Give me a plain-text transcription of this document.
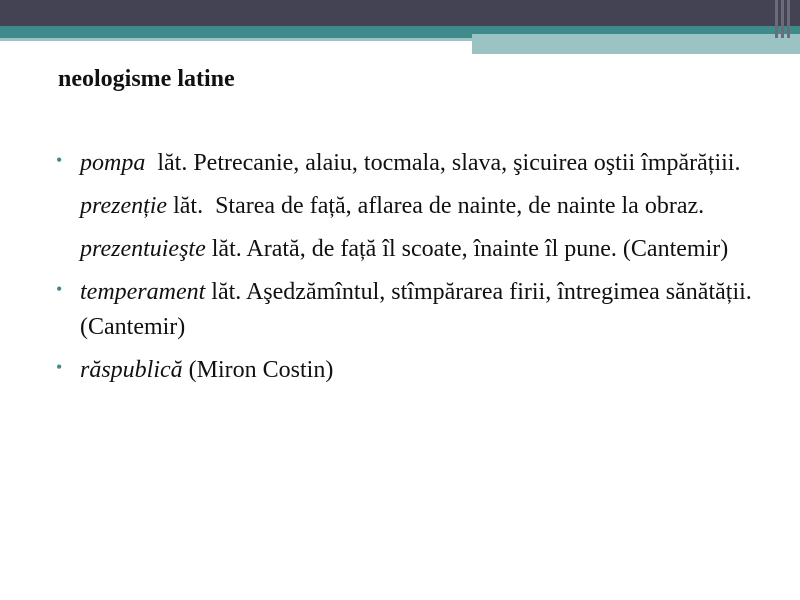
neologisme latine
• pompa  lăt. Petrecanie, alaiu, tocmala, slava, şicuirea oştii împărățiii.
prezenție lăt.  Starea de față, aflarea de nainte, de nainte la obraz.
prezentuieşte lăt. Arată, de față îl scoate, înainte îl pune. (Cantemir)
• temperament lăt. Aşedzămîntul, stîmpărarea firii, întregimea sănătății. (Cantemir)
• răspublică (Miron Costin)
